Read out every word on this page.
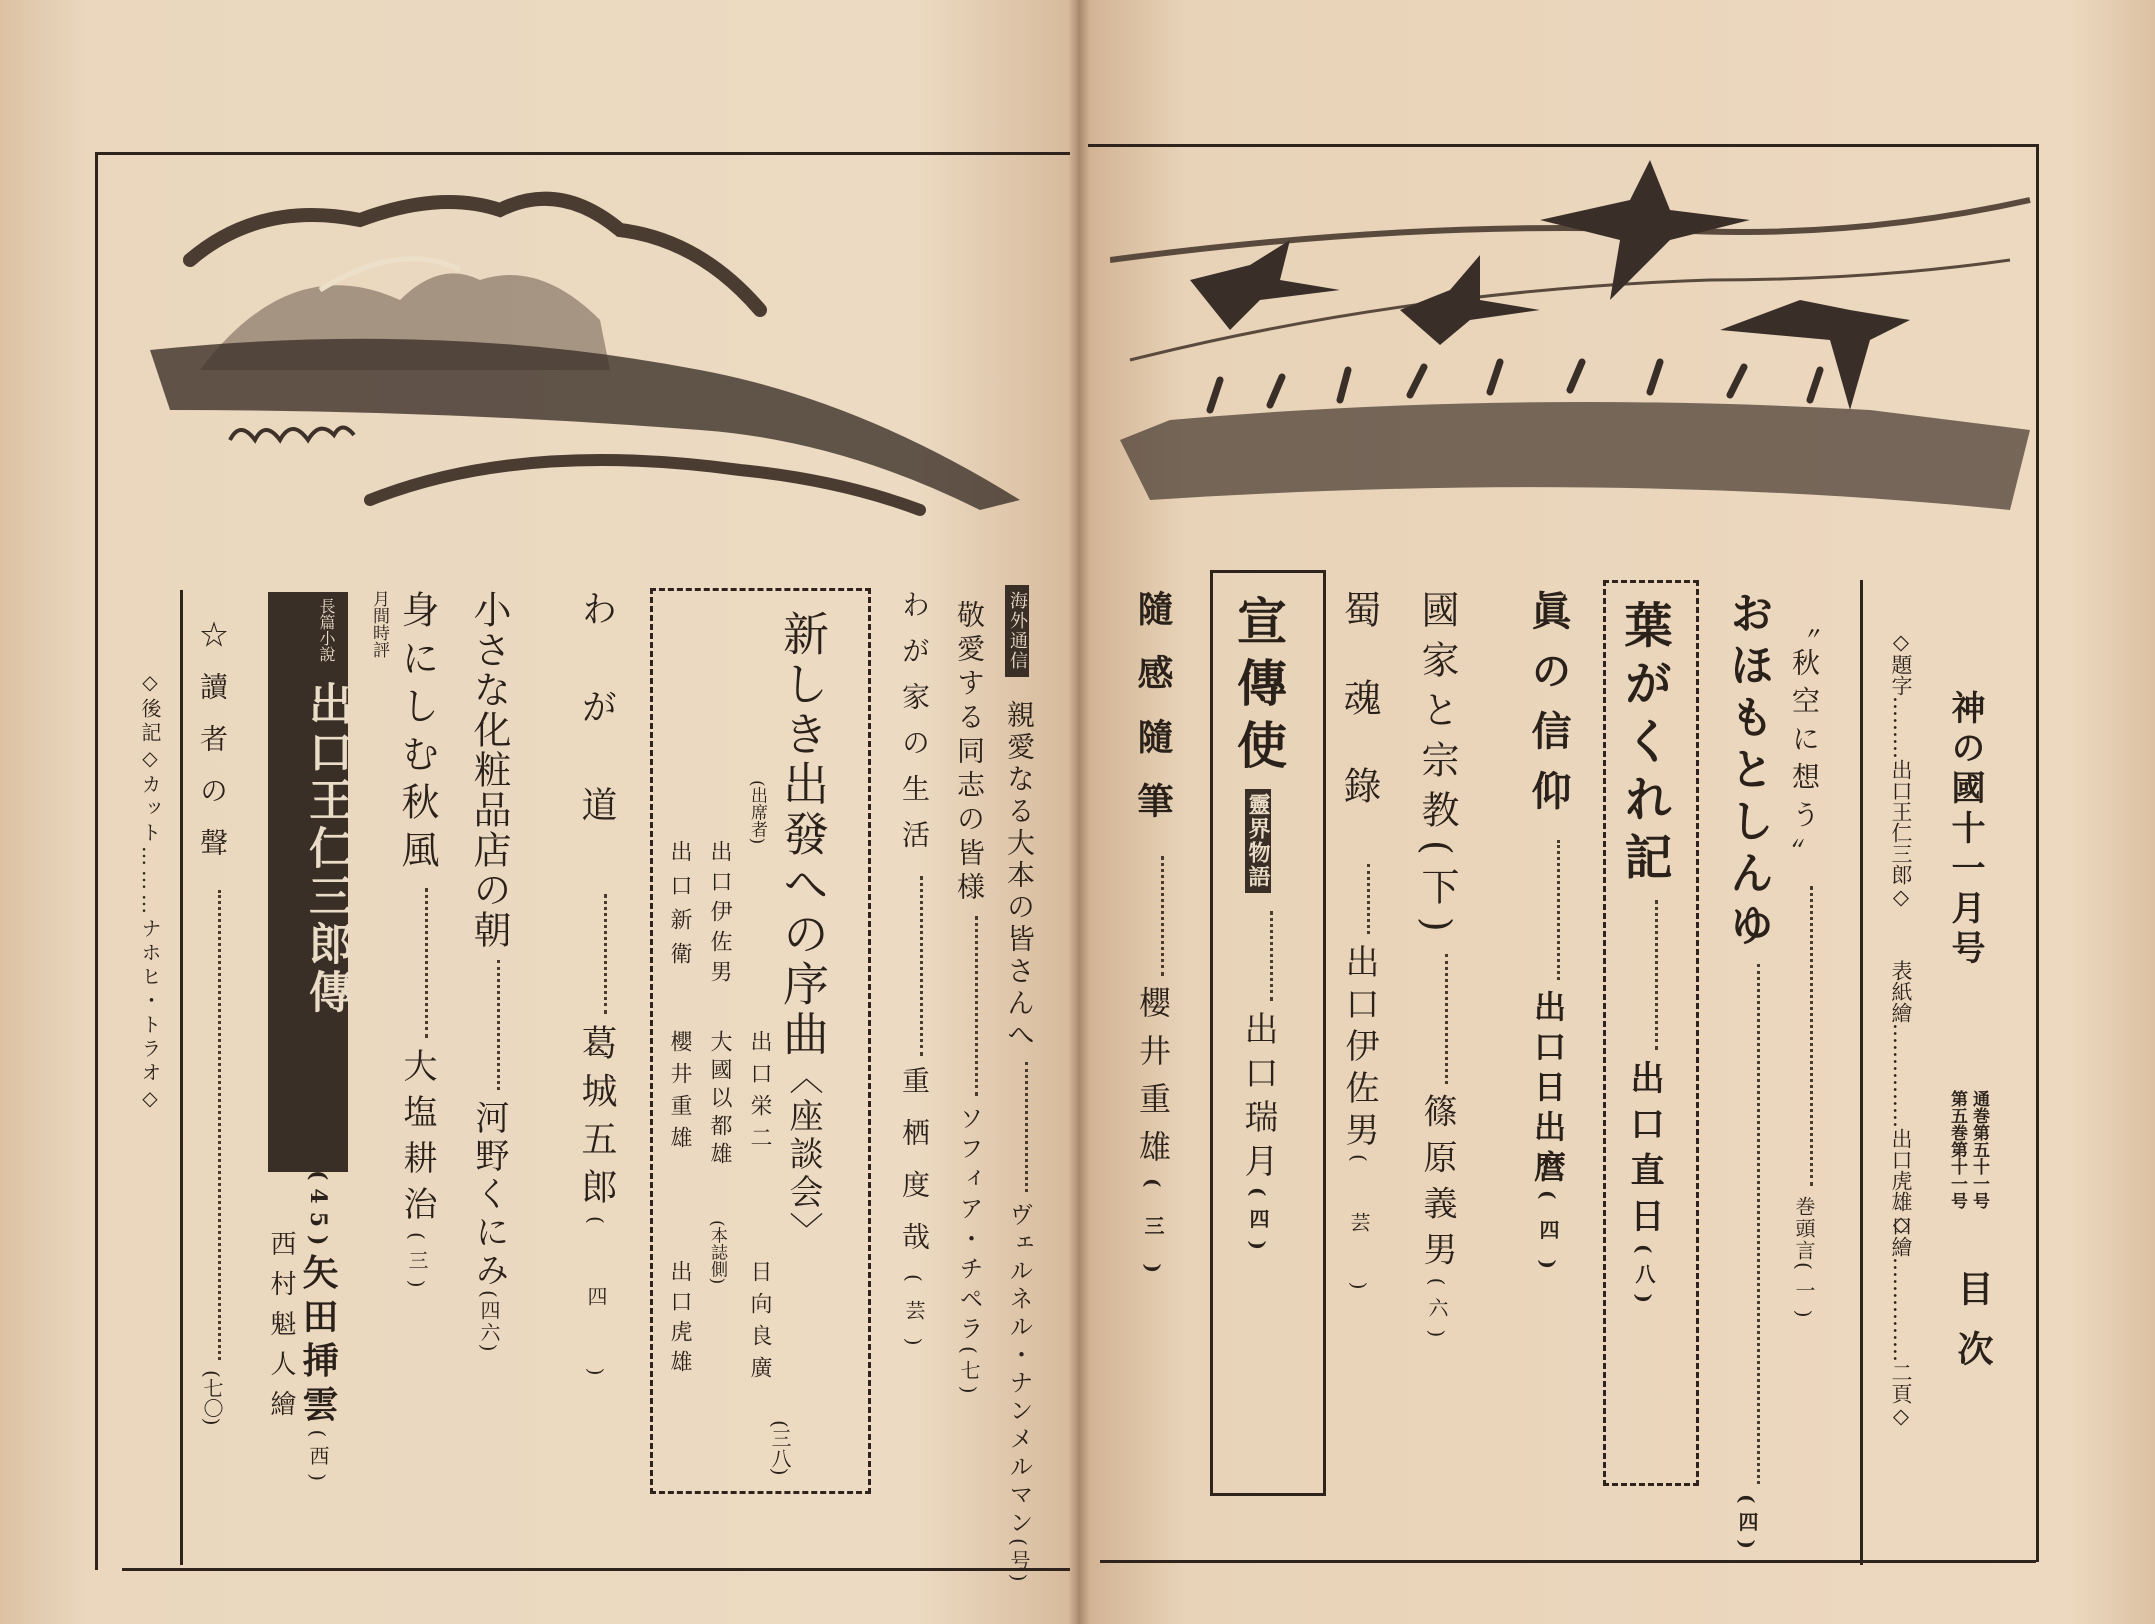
神の國十一月号
第五巻第十一号 通巻第五十一号
目次
◇題字………出口王仁三郎◇
表紙繪……………出口虎雄◇
口繪……………二頁◇
〝秋空に想う〟巻頭言(一)
おほもとしんゆ(四)
葉がくれ記出口直日(八)
眞の信仰出口日出麿(四)
國家と宗教(下)篠原義男(六)
蜀魂錄出口伊佐男(芸)
宣傳使靈界物語出口瑞月(四)
隨感隨筆櫻井重雄(三)
海外通信
親愛なる大本の皆さんへヴェルネル・ナンメルマン(号)
敬愛する同志の皆様ソフィア・チペラ(七)
わが家の生活重栖度哉(芸)
新しき出發への序曲〈座談会〉
(出席者)
出口栄二
日向良廣
出口伊佐男
大國以都雄
(本誌側)
出口新衛
櫻井重雄
出口虎雄
(三八)
わが道葛城五郎(四)
小さな化粧品店の朝河野くにみ(四六)
月間時評 身にしむ秋風大塩耕治(三)
長篇小說 出口王仁三郎傳
(45)矢田挿雲(西)
西村魁人繪
☆讀者の聲(七〇)
◇後記◇カット………ナホヒ・トラオ◇
